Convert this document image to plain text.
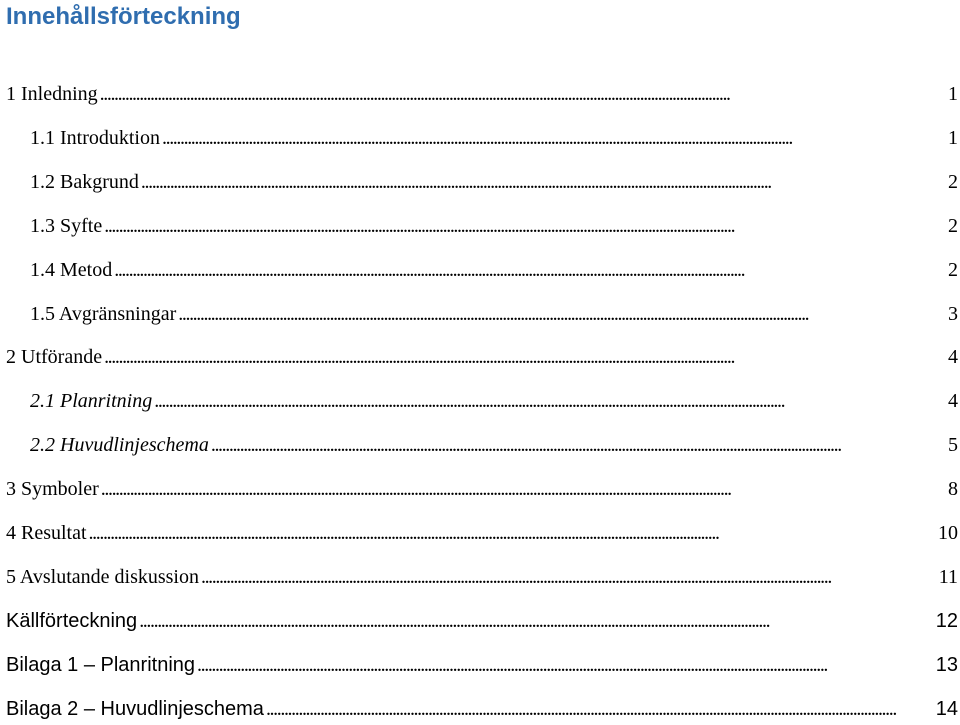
Innehållsförteckning
1 Inledning . . .	1
1.1 Introduktion . . .	1
1.2 Bakgrund . . .	2
1.3 Syfte . . .	2
1.4 Metod . . .	2
1.5 Avgränsningar . . .	3
2 Utförande . . .	4
2.1 Planritning . . .	4
2.2 Huvudlinjeschema . . .	5
3 Symboler . . .	8
4 Resultat . . .	10
5 Avslutande diskussion . . .	11
Källförteckning . . .	12
Bilaga 1 – Planritning . . .	13
Bilaga 2 – Huvudlinjeschema . . .	14
